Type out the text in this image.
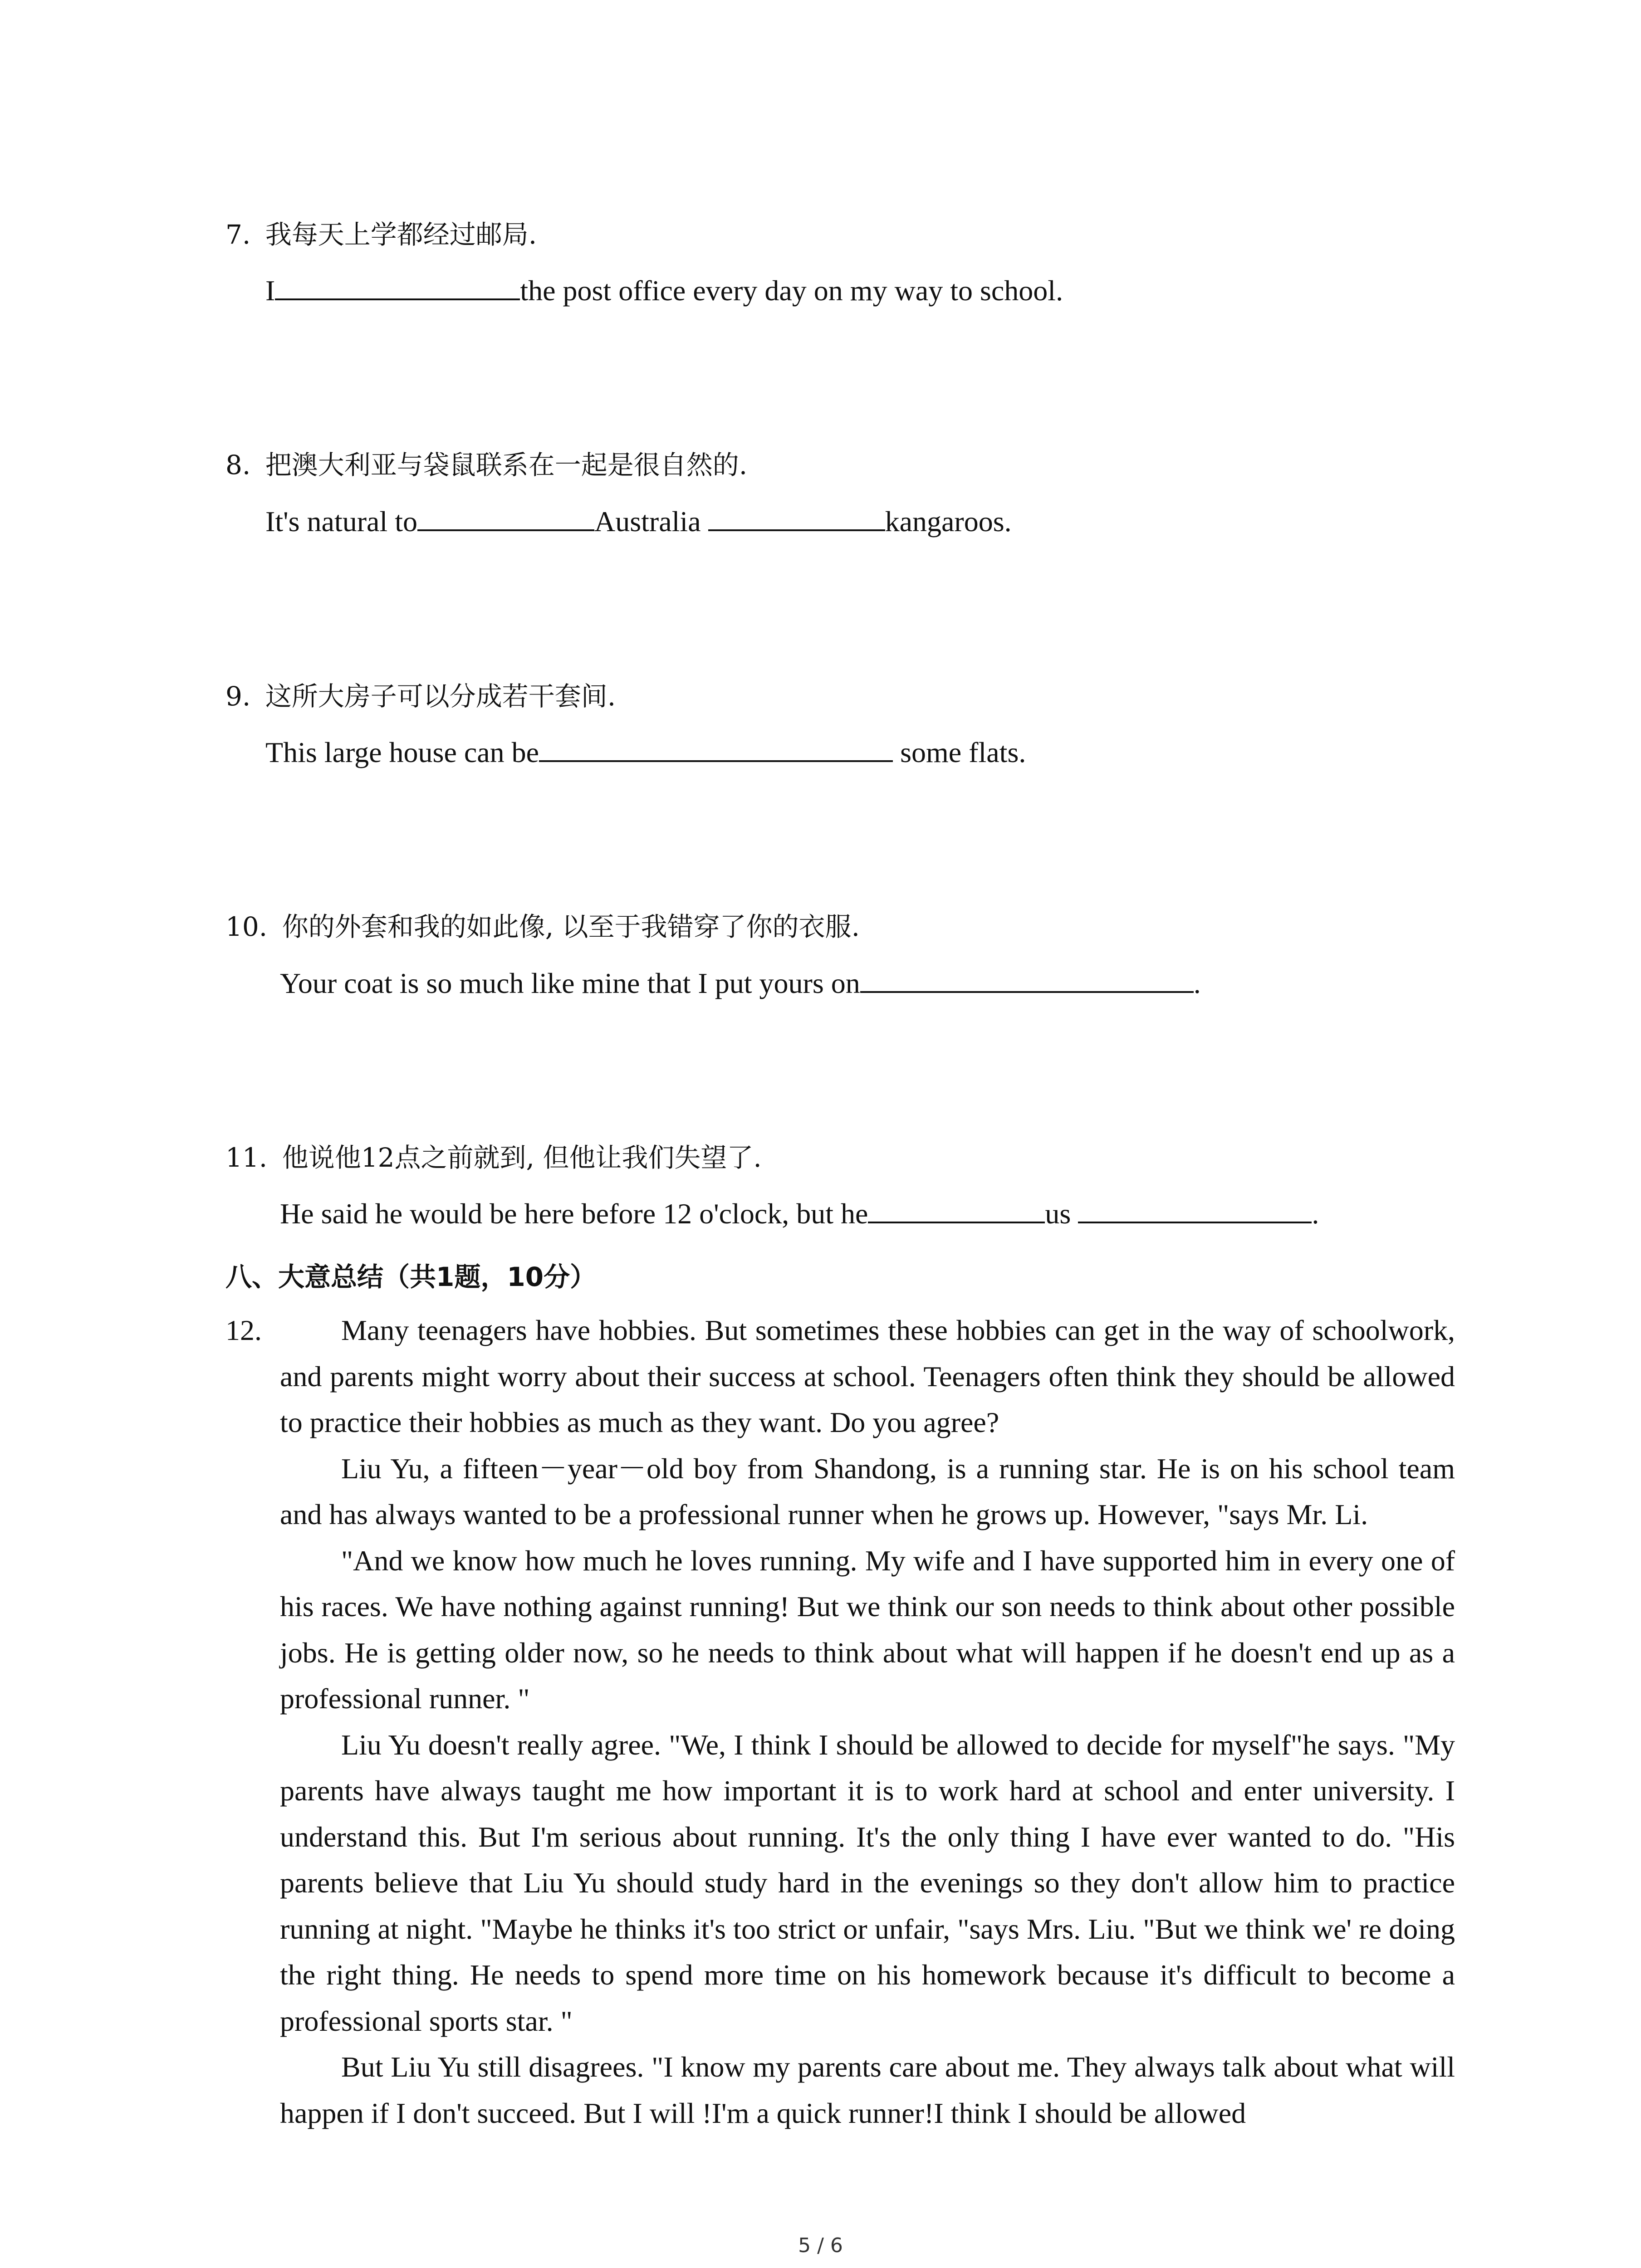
7. 我每天上学都经过邮局.
I	the post office every day on my way to school.
8. 把澳大利亚与袋鼠联系在一起是很自然的.
It's natural to	Australia	kangaroos.
9. 这所大房子可以分成若干套间.
This large house can be	some flats.
10. 你的外套和我的如此像, 以至于我错穿了你的衣服.
Your coat is so much like mine that I put yours on	.
11. 他说他12点之前就到, 但他让我们失望了.
He said he would be here before 12 o'clock, but he	us	.
八、大意总结（共1题，10分）
12.	Many teenagers have hobbies. But sometimes these hobbies can get in the way of schoolwork, and parents might worry about their success at school. Teenagers often think they should be allowed to practice their hobbies as much as they want. Do you agree?

Liu Yu, a fifteen－year－old boy from Shandong, is a running star. He is on his school team and has always wanted to be a professional runner when he grows up. However, "says Mr. Li.

"And we know how much he loves running. My wife and I have supported him in every one of his races. We have nothing against running! But we think our son needs to think about other possible jobs. He is getting older now, so he needs to think about what will happen if he doesn't end up as a professional runner. "

Liu Yu doesn't really agree. "We, I think I should be allowed to decide for myself"he says. "My parents have always taught me how important it is to work hard at school and enter university. I understand this. But I'm serious about running. It's the only thing I have ever wanted to do. "His parents believe that Liu Yu should study hard in the evenings so they don't allow him to practice running at night. "Maybe he thinks it's too strict or unfair, "says Mrs. Liu. "But we think we' re doing the right thing. He needs to spend more time on his homework because it's difficult to become a professional sports star. "

But Liu Yu still disagrees. "I know my parents care about me. They always talk about what will happen if I don't succeed. But I will !I'm a quick runner!I think I should be allowed

5 / 6
